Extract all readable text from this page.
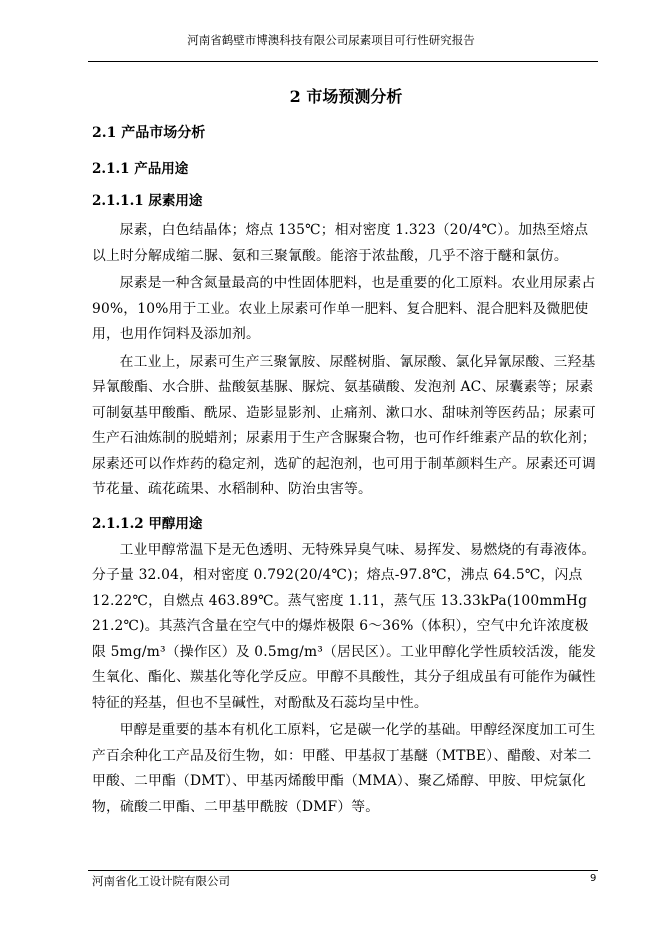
河南省鹤壁市博澳科技有限公司尿素项目可行性研究报告
2 市场预测分析
2.1 产品市场分析
2.1.1 产品用途
2.1.1.1 尿素用途

尿素，白色结晶体；熔点 135℃；相对密度 1.323（20/4℃）。加热至熔点以上时分解成缩二脲、氨和三聚氰酸。能溶于浓盐酸，几乎不溶于醚和氯仿。

尿素是一种含氮量最高的中性固体肥料，也是重要的化工原料。农业用尿素占 90%，10%用于工业。农业上尿素可作单一肥料、复合肥料、混合肥料及微肥使用，也用作饲料及添加剂。

在工业上，尿素可生产三聚氰胺、尿醛树脂、氰尿酸、氯化异氰尿酸、三羟基异氰酸酯、水合肼、盐酸氨基脲、脲烷、氨基磺酸、发泡剂 AC、尿囊素等；尿素可制氨基甲酸酯、酰尿、造影显影剂、止痛剂、漱口水、甜味剂等医药品；尿素可生产石油炼制的脱蜡剂；尿素用于生产含脲聚合物，也可作纤维素产品的软化剂；尿素还可以作炸药的稳定剂，选矿的起泡剂，也可用于制革颜料生产。尿素还可调节花量、疏花疏果、水稻制种、防治虫害等。

2.1.1.2 甲醇用途

工业甲醇常温下是无色透明、无特殊异臭气味、易挥发、易燃烧的有毒液体。分子量 32.04，相对密度 0.792(20/4℃)；熔点-97.8℃，沸点 64.5℃，闪点 12.22℃，自燃点 463.89℃。蒸气密度 1.11，蒸气压 13.33kPa(100mmHg 21.2℃)。其蒸汽含量在空气中的爆炸极限 6～36%（体积），空气中允许浓度极限 5mg/m³（操作区）及 0.5mg/m³（居民区）。工业甲醇化学性质较活泼，能发生氧化、酯化、羰基化等化学反应。甲醇不具酸性，其分子组成虽有可能作为碱性特征的羟基，但也不呈碱性，对酚酞及石蕊均呈中性。

甲醇是重要的基本有机化工原料，它是碳一化学的基础。甲醇经深度加工可生产百余种化工产品及衍生物，如：甲醛、甲基叔丁基醚（MTBE）、醋酸、对苯二甲酸、二甲酯（DMT）、甲基丙烯酸甲酯（MMA）、聚乙烯醇、甲胺、甲烷氯化物，硫酸二甲酯、二甲基甲酰胺（DMF）等。

河南省化工设计院有限公司	9
